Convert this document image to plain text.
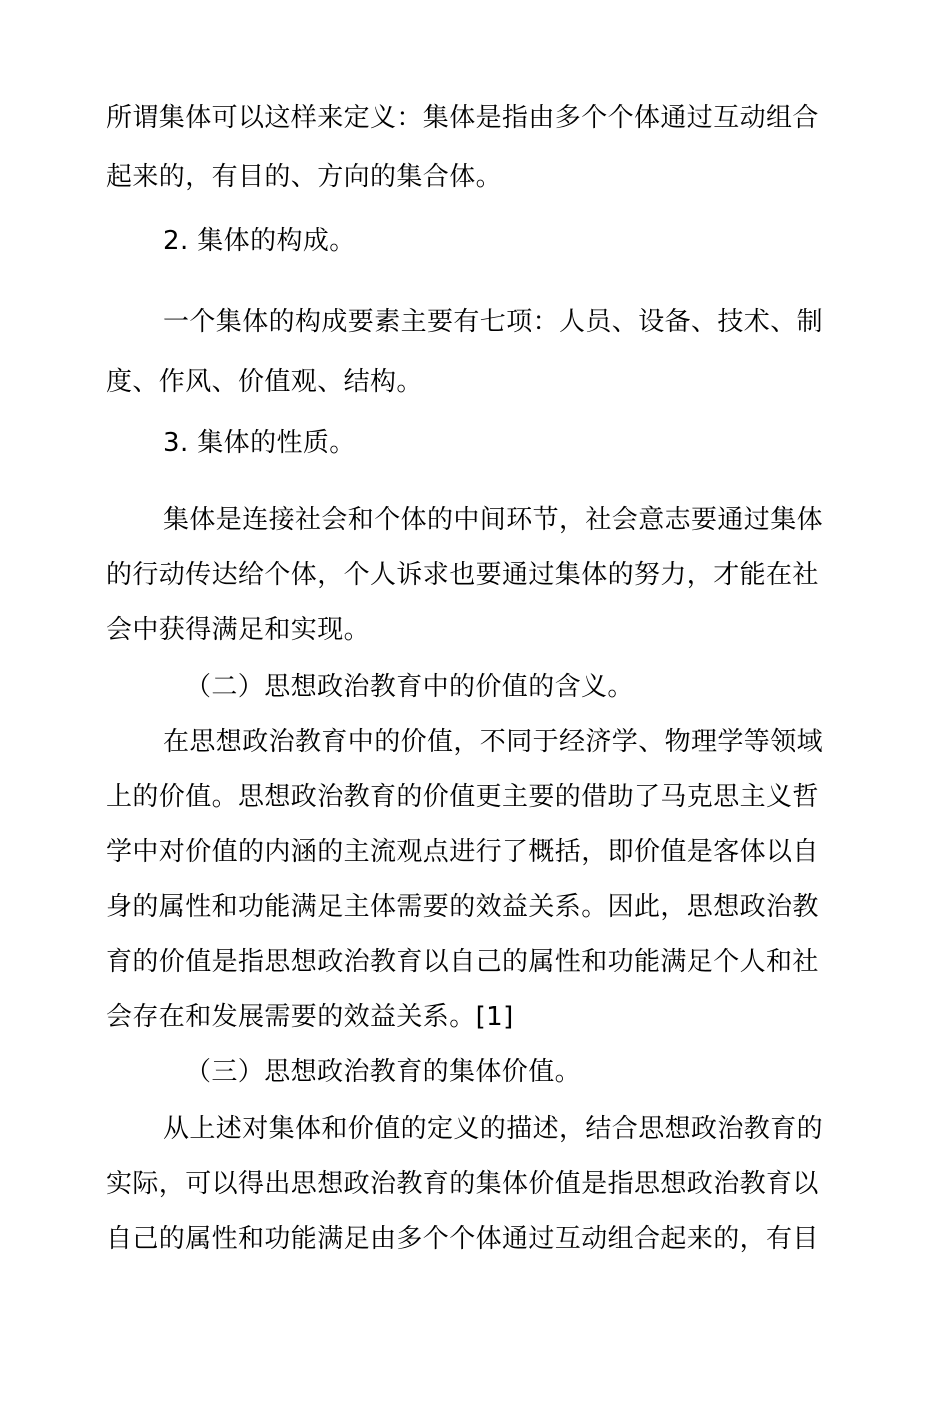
所谓集体可以这样来定义：集体是指由多个个体通过互动组合
起来的，有目的、方向的集合体。
2. 集体的构成。
一个集体的构成要素主要有七项：人员、设备、技术、制
度、作风、价值观、结构。
3. 集体的性质。
集体是连接社会和个体的中间环节，社会意志要通过集体
的行动传达给个体，个人诉求也要通过集体的努力，才能在社
会中获得满足和实现。
（二）思想政治教育中的价值的含义。
在思想政治教育中的价值，不同于经济学、物理学等领域
上的价值。思想政治教育的价值更主要的借助了马克思主义哲
学中对价值的内涵的主流观点进行了概括，即价值是客体以自
身的属性和功能满足主体需要的效益关系。因此，思想政治教
育的价值是指思想政治教育以自己的属性和功能满足个人和社
会存在和发展需要的效益关系。[1]
（三）思想政治教育的集体价值。
从上述对集体和价值的定义的描述，结合思想政治教育的
实际，可以得出思想政治教育的集体价值是指思想政治教育以
自己的属性和功能满足由多个个体通过互动组合起来的，有目
